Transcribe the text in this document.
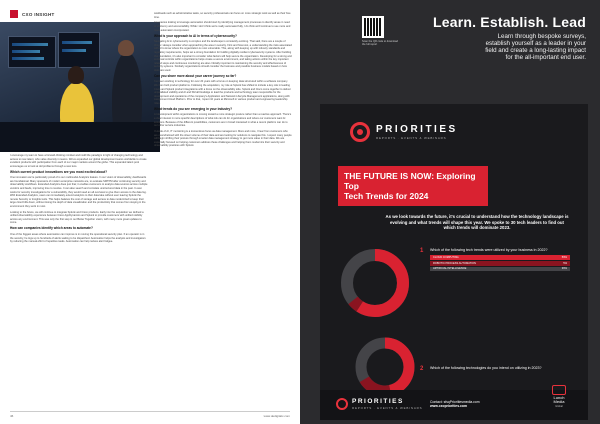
CXO INSIGHT

I encourage my team to have a forward-thinking mindset and instill the paradigm in light of changing technology and access to new talent, who value diversity in teams. We've expanded our global development teams worldwide to create excellent products with participation from each of our major markets around the globe. This expanded talent pool encourages us to look at old problems through a new lens.

Which current product innovations are you most excited about?

One innovation we're particularly proud of is our multimodel Analytics feature. In our vision of observability, dashboards are foundational. Many operators of modern enterprise networks are, to evaluate SMTPM after continuing security and observability workflows. Extended Analytics does just that; it enables customers to analyze data sources across multiple vendors and feeds, improving time to resolve. It can also search and correlate unstructured data in the past. It even works for security investigations for a vulnerability, they would need an all overview to give them access to the data log. With Extended Analytics, users can immediately extend analytics to their data lake without ever leaving Splunk the remote Security or Insights tools. This helps balance the cost of storage and access to data modernized to keep their large cloud bills down, without losing the depth of data visualization and the productivity that comes from staying in the environment they work in most.

Looking to the future, we will continue to integrate Splunk and Cisco products. Early into the acquisition we defined a unified observability experience between Cisco AppDynamics and Splunk to provide customers with unified visibility across any environment. This was only the first step in our Better Together vision, with many more great updates to come.

How can companies identify which areas to automate?

One of the biggest areas where automation can improve is in moving the operational security plan. If an operator is in the security, he logs up to hundreds of alerts waiting to be dispatched. Automation helps the analysts and investigators by reducing the manual effort of repetitive tasks. Automation can help reduce alert fatigue.

workloads such as administrative tasks, so security professionals can focus on more strategic work as well as their free time.

Companies looking to leverage automation should start by identifying management processes to identify areas in need of efficiency and accountability. While I don't think we're really automated fully, I do think we'll continue to see more and more automation incorporated.

What is your approach to AI in terms of cybersecurity?

Navigating AI in cybersecurity is complex and the landscape is constantly evolving. That said, there are a couple of things I always consider when approaching the area in security. First and foremost, a understanding the risks associated with AI to know where the organization is most vulnerable. This, along with keeping up with industry standards and regulatory requirements, helps set a strong foundation for building digitally resilient cybersecurity systems. After building that foundation, it's also important to consider what factors will help secure the organization. Developing for a strong and continual controls within organizations helps create a secure environment, and taking actions within the key important related steps and continuous monitoring are also critically important to maintaining the security and effectiveness of security systems. Similarly organizations should consider the business and possible business models based on how tools are used.

Can you share more about your career journey so far?

I've been working in technology for over 20 years with a focus on keeping data structured within a software company. We then built product platforms. Following the acquisition, my role at Splunk has shifted to include a key role in leading Cisco and Splunk product integrations with a focus on the observability side. Splunk and Cisco come together to deliver unparalleled visibility and AI and SM all DevEdge to lead the products and technology team responsible for the development and operations of the company's Application and Network Lifecycle Management applications, along with Assignment Cloud Platform. Prior to that, I spent 10 years at Microsoft in various product and engineering leadership roles.

What trends do you see emerging in your industry?

AI development within organizations is moving toward a more strategic posture rather than a reactive approach. There's a clear interest in more specific descriptions of what AIs can do for organizations and where our customers want AI solutions. Because of the different possibilities, customers are in broad interested in what a recent platform can do to our other service industries.

Outside of AI, IT monitoring is a tremendous focus as data management. More and more, I hear from customers who are overwhelmed with the sheer volume of their data and are looking for solutions to navigate this. I expect many people will begin shifting their posture through smarter data management strategy to get more value in their data. We are especially focused on helping customers address these challenges and helping them modernize their security and observability practices with Splunk.

46	www.dedigitalx.com
Scan the QR code to download the full report
Learn. Establish. Lead

Learn through bespoke surveys,
establish yourself as a leader in your
field and create a long-lasting impact
for the all-important end user.

PRIORITIES
REPORTS · EVENTS & WEBINARS
THE FUTURE IS NOW: Exploring Top
Tech Trends for 2024
As we look towards the future, it's crucial to understand how the technology landscape is evolving and what trends will shape this year. We spoke to 30 tech leaders to find out which trends will dominate 2023.
1 Which of the following tech trends were utilized by your business in 2022?
CLOUD COMPUTING	59%
ROBOTIC PROCESS AUTOMATION	5%
ARTIFICIAL INTELLIGENCE	36%
2 Which of the following technologies do you intend on utilizing in 2023?
PRIORITIES
REPORTS · EVENTS & WEBINARS
Contact: sfsqPrioritiesmedia.com
www.cxopriorities.com
Lunch
Media
Global
